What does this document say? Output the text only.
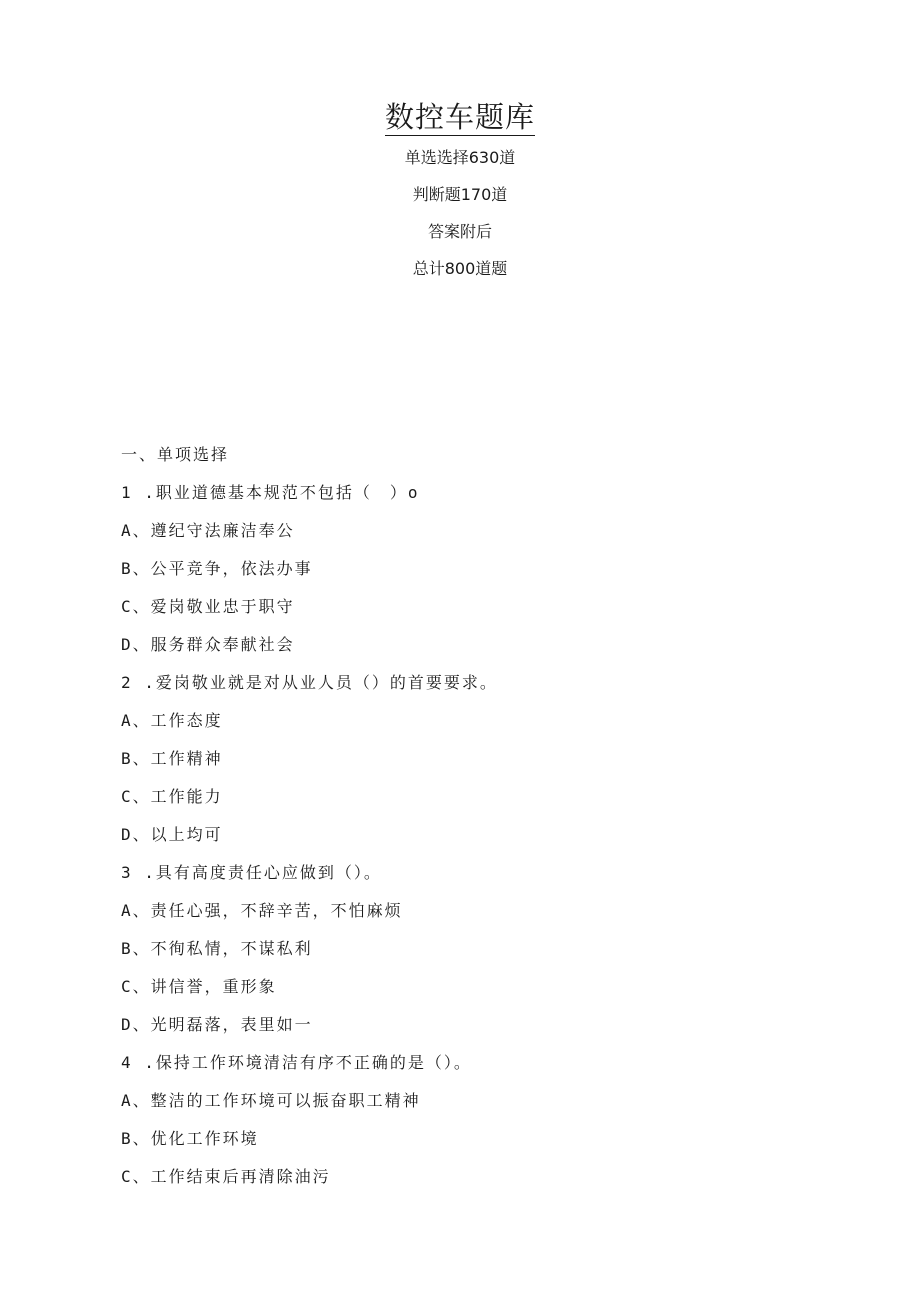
数控车题库
单选选择630道
判断题170道
答案附后
总计800道题
一、单项选择
1 .职业道德基本规范不包括（　）o
A、遵纪守法廉洁奉公
B、公平竞争，依法办事
C、爱岗敬业忠于职守
D、服务群众奉献社会
2 .爱岗敬业就是对从业人员（）的首要要求。
A、工作态度
B、工作精神
C、工作能力
D、以上均可
3 .具有高度责任心应做到（）。
A、责任心强，不辞辛苦，不怕麻烦
B、不徇私情，不谋私利
C、讲信誉，重形象
D、光明磊落，表里如一
4 .保持工作环境清洁有序不正确的是（）。
A、整洁的工作环境可以振奋职工精神
B、优化工作环境
C、工作结束后再清除油污
